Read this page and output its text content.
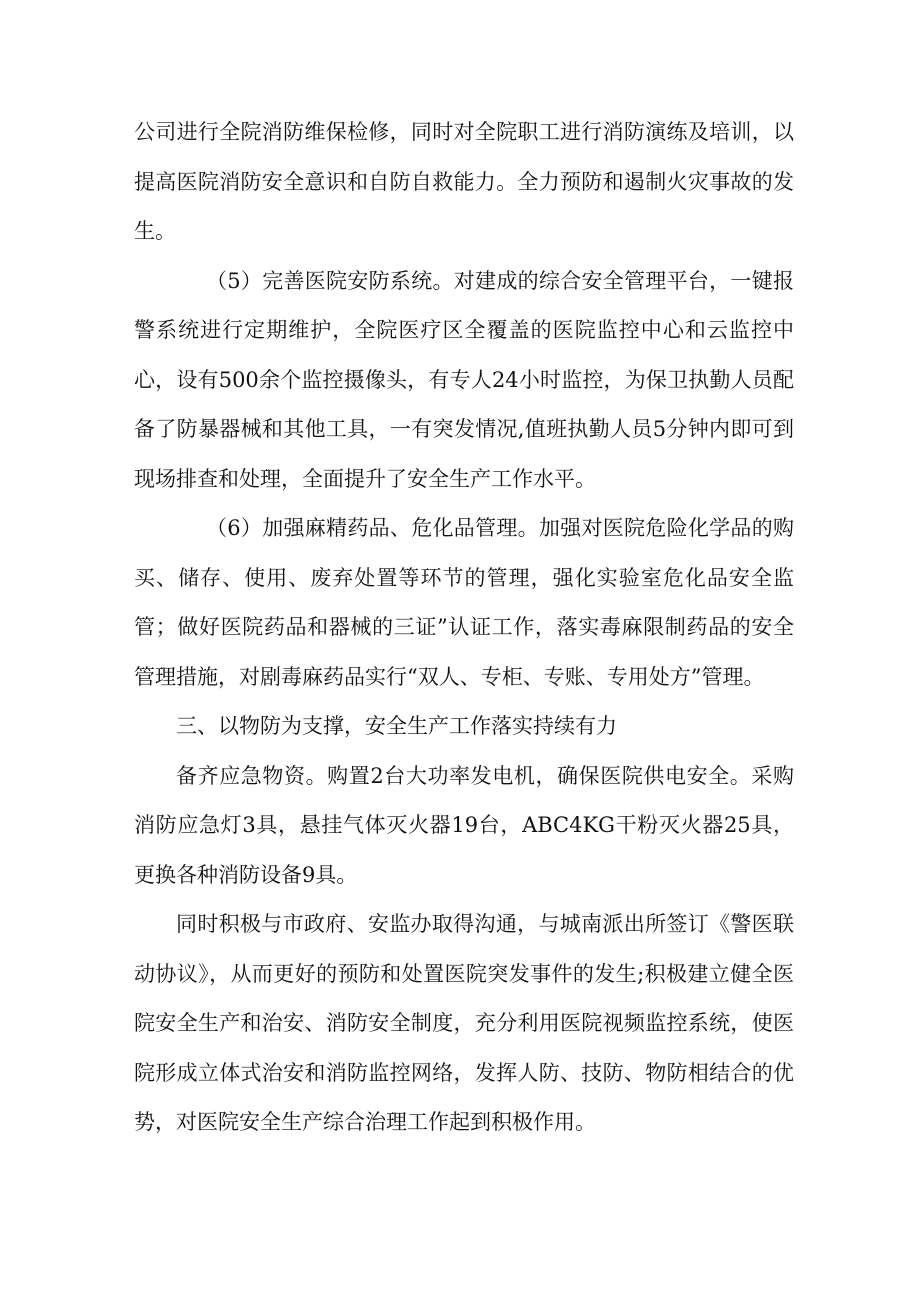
公司进行全院消防维保检修，同时对全院职工进行消防演练及培训，以提高医院消防安全意识和自防自救能力。全力预防和遏制火灾事故的发生。

（5）完善医院安防系统。对建成的综合安全管理平台，一键报警系统进行定期维护，全院医疗区全覆盖的医院监控中心和云监控中心，设有500余个监控摄像头，有专人24小时监控，为保卫执勤人员配备了防暴器械和其他工具，一有突发情况,值班执勤人员5分钟内即可到现场排查和处理，全面提升了安全生产工作水平。

（6）加强麻精药品、危化品管理。加强对医院危险化学品的购买、储存、使用、废弃处置等环节的管理，强化实验室危化品安全监管；做好医院药品和器械的三证”认证工作，落实毒麻限制药品的安全管理措施，对剧毒麻药品实行“双人、专柜、专账、专用处方”管理。

三、以物防为支撑，安全生产工作落实持续有力

备齐应急物资。购置2台大功率发电机，确保医院供电安全。采购消防应急灯3具，悬挂气体灭火器19台，ABC4KG干粉灭火器25具，更换各种消防设备9具。

同时积极与市政府、安监办取得沟通，与城南派出所签订《警医联动协议》，从而更好的预防和处置医院突发事件的发生;积极建立健全医院安全生产和治安、消防安全制度，充分利用医院视频监控系统，使医院形成立体式治安和消防监控网络，发挥人防、技防、物防相结合的优势，对医院安全生产综合治理工作起到积极作用。
